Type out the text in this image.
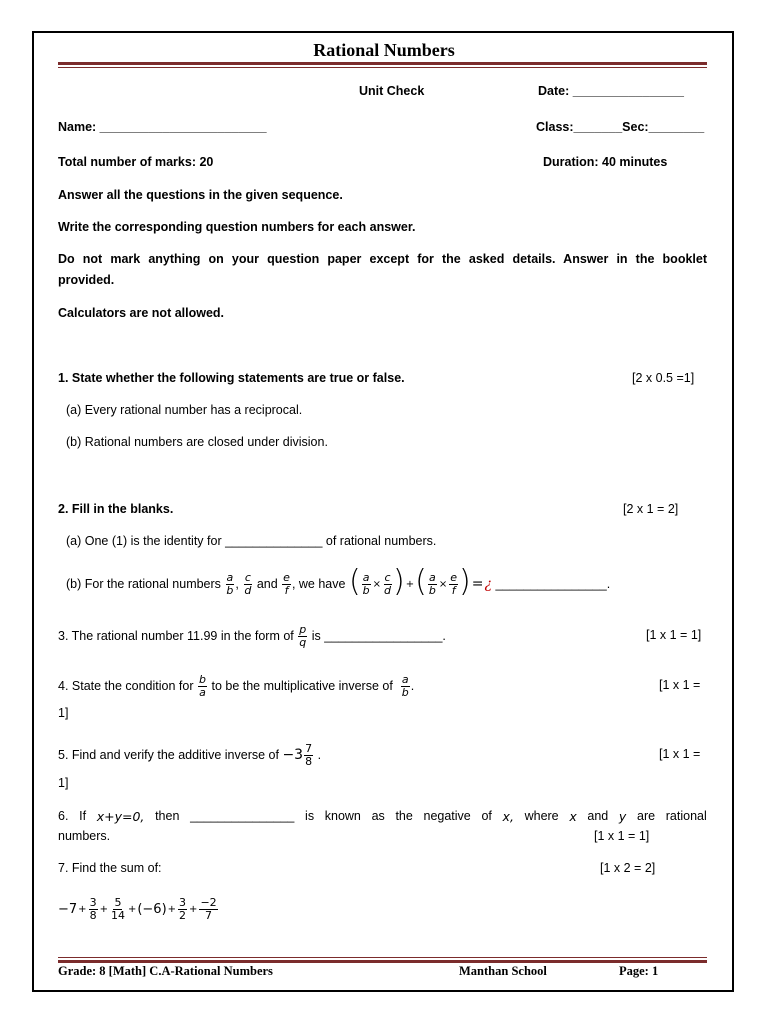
Rational Numbers
Unit Check	Date: ________________
Name: ________________________	Class:_______Sec:________
Total number of marks: 20	Duration: 40 minutes
Answer all the questions in the given sequence.
Write the corresponding question numbers for each answer.
Do not mark anything on your question paper except for the asked details. Answer in the booklet
provided.
Calculators are not allowed.
1. State whether the following statements are true or false.	[2 x 0.5 =1]
(a) Every rational number has a reciprocal.
(b) Rational numbers are closed under division.
2. Fill in the blanks.	[2 x 1 = 2]
(a) One (1) is the identity for ______________ of rational numbers.
(b) For the rational numbers
$\frac{a}{b}$ , $\frac{c}{d}$
and
$\frac{e}{f}$ , we have
( $\frac{a}{b} \times \frac{c}{d}$ ) + ( $\frac{a}{b} \times \frac{e}{f}$ ) = ¿
________________.
3. The rational number 11.99 in the form of
$\frac{p}{q}$
is _________________.	[1 x 1 = 1]
4. State the condition for
$\frac{b}{a}$
to be the multiplicative inverse of
$\frac{a}{b}$ .	[1 x 1 =
1]
5. Find and verify the additive inverse of
$-3 \frac{7}{8}$ .	[1 x 1 =
1]
6. If x+y=0, then _______________ is known as the negative of x, where x and y are rational
numbers.	[1 x 1 = 1]
7. Find the sum of:	[1 x 2 = 2]
$-7 + \frac{3}{8} + \frac{5}{14} + (-6) + \frac{3}{2} + \frac{-2}{7}$
Grade: 8 [Math] C.A-Rational Numbers	Manthan School	Page: 1
